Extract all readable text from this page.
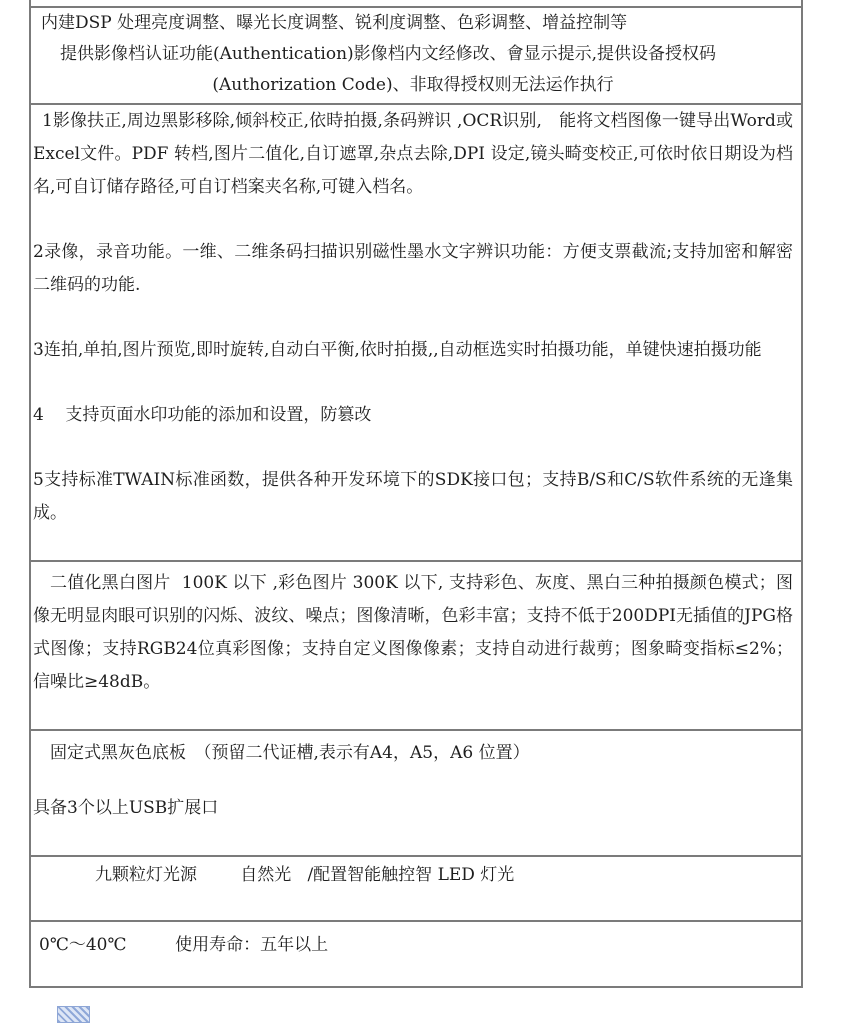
内建DSP 处理亮度调整、曝光长度调整、锐利度调整、色彩调整、增益控制等
提供影像档认证功能(Authentication)影像档内文经修改、會显示提示,提供设备授权码
(Authorization Code)、非取得授权则无法运作执行

1影像扶正,周边黑影移除,倾斜校正,依時拍摄,条码辨识 ,OCR识别,　能将文档图像一键导出Word或Excel文件。PDF 转档,图片二值化,自订遮罩,杂点去除,DPI 设定,镜头畸变校正,可依时依日期设为档名,可自订储存路径,可自订档案夹名称,可键入档名。

2录像，录音功能。一维、二维条码扫描识别磁性墨水文字辨识功能：方便支票截流;支持加密和解密二维码的功能.

3连拍,单拍,图片预览,即时旋转,自动白平衡,依时拍摄,,自动框选实时拍摄功能，单键快速拍摄功能

4    支持页面水印功能的添加和设置，防篡改

5支持标准TWAIN标准函数，提供各种开发环境下的SDK接口包；支持B/S和C/S软件系统的无逢集成。

二值化黑白图片  100K 以下 ,彩色图片 300K 以下, 支持彩色、灰度、黑白三种拍摄颜色模式；图像无明显肉眼可识别的闪烁、波纹、噪点；图像清晰，色彩丰富；支持不低于200DPI无插值的JPG格式图像；支持RGB24位真彩图像；支持自定义图像像素；支持自动进行裁剪；图象畸变指标≤2%；信噪比≥48dB。
固定式黑灰色底板　（预留二代证槽,表示有A4，A5，A6 位置）
具备3个以上USB扩展口
九颗粒灯光源        自然光   /配置智能触控智 LED 灯光
0℃～40℃         使用寿命：五年以上
